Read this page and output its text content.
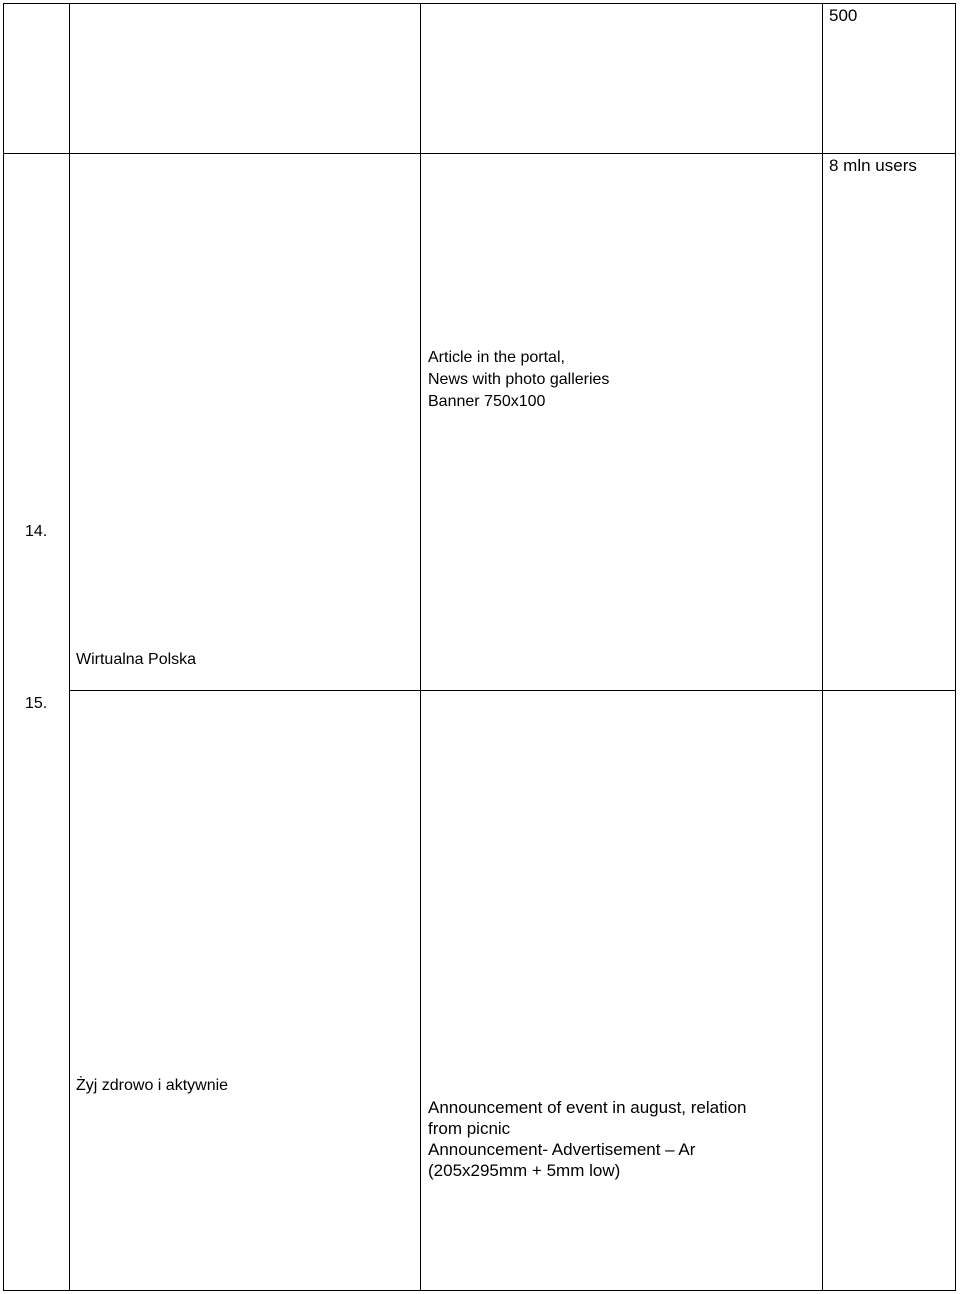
500
8 mln users
Article in the portal,
News with photo galleries
Banner 750x100
14.
Wirtualna Polska
15.
Żyj zdrowo i aktywnie
Announcement of event in august, relation
from picnic
Announcement- Advertisement – Ar
(205x295mm + 5mm low)
